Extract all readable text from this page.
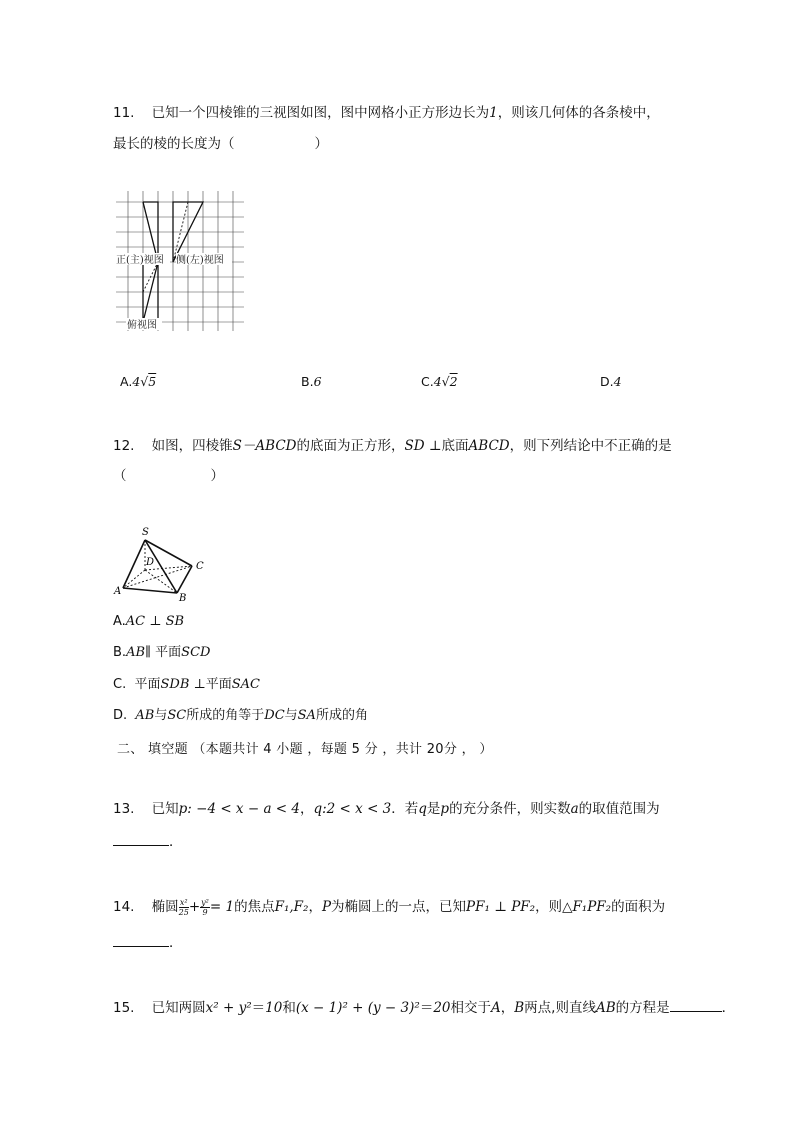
11. 已知一个四棱锥的三视图如图，图中网格小正方形边长为1，则该几何体的各条棱中，
最长的棱的长度为（	）
正(主)视图 侧(左)视图
俯视图
A.4√5	B.6	C.4√2	D.4
12. 如图，四棱锥S－ABCD的底面为正方形，SD ⊥底面ABCD，则下列结论中不正确的是
（	）
S
D	C
A
B
A.AC ⊥ SB
B.AB∥ 平面SCD
C. 平面SDB ⊥平面SAC
D. AB与SC所成的角等于DC与SA所成的角
二、 填空题 （本题共计 4 小题 ，每题 5 分 ，共计 20分 ， ）
13. 已知p: −4 < x − a < 4，q:2 < x < 3．若q是p的充分条件，则实数a的取值范围为
．
14. 椭圆 $\frac{\text{x²}}{25} + \frac{\text{y²}}{9} = 1$的焦点F₁,F₂，P为椭圆上的一点，已知PF₁ ⊥ PF₂，则△F₁PF₂的面积为
．
15. 已知两圆x² + y²＝10和(x − 1)² + (y − 3)²＝20相交于A，B两点,则直线AB的方程是	．
